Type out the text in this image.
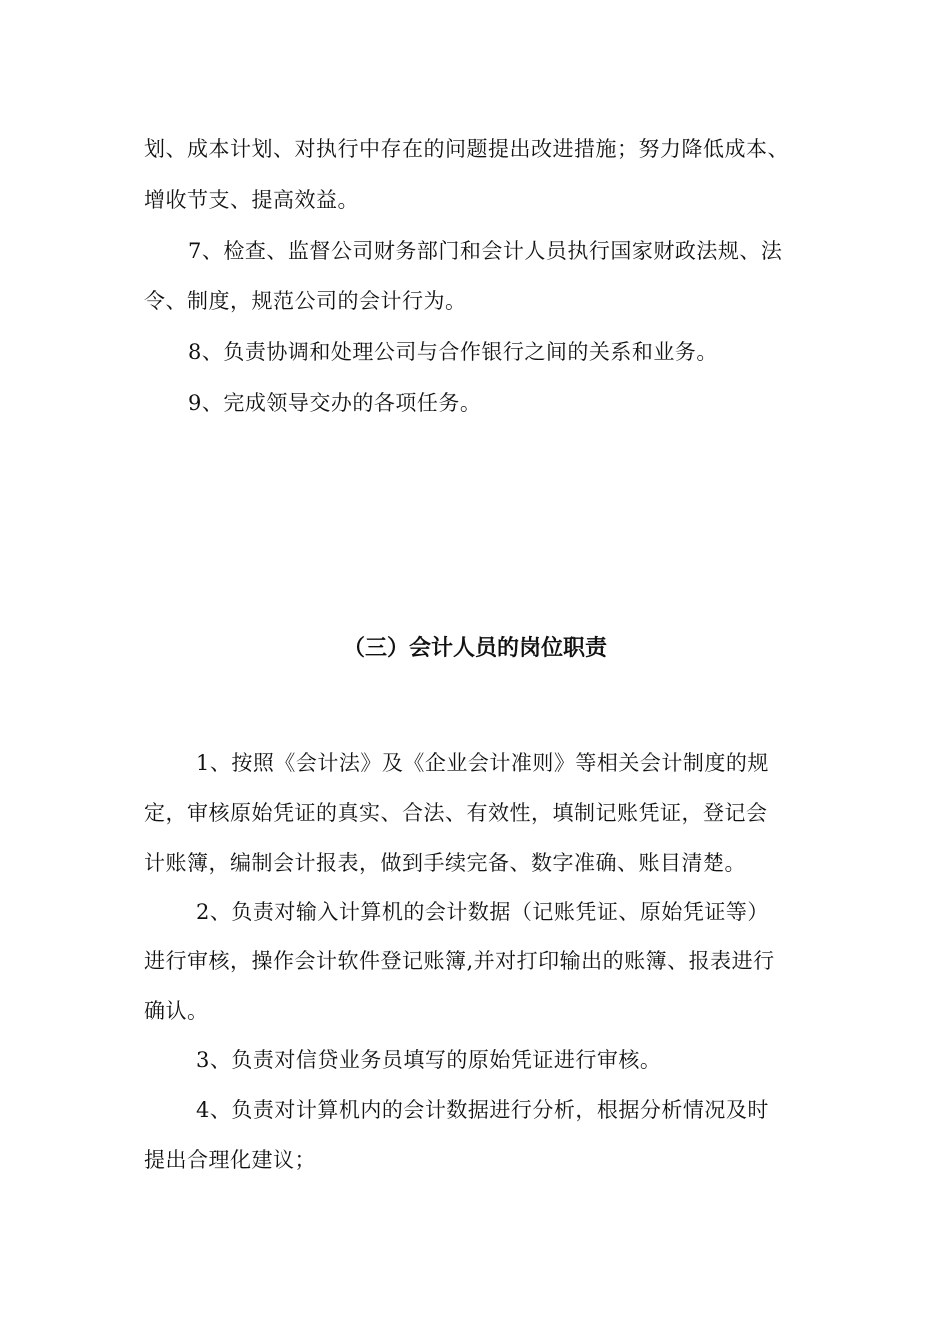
划、成本计划、对执行中存在的问题提出改进措施；努力降低成本、
增收节支、提高效益。
7、检查、监督公司财务部门和会计人员执行国家财政法规、法
令、制度，规范公司的会计行为。
8、负责协调和处理公司与合作银行之间的关系和业务。
9、完成领导交办的各项任务。
（三）会计人员的岗位职责
1、按照《会计法》及《企业会计准则》等相关会计制度的规
定，审核原始凭证的真实、合法、有效性，填制记账凭证，登记会
计账簿，编制会计报表，做到手续完备、数字准确、账目清楚。
2、负责对输入计算机的会计数据（记账凭证、原始凭证等）
进行审核，操作会计软件登记账簿,并对打印输出的账簿、报表进行
确认。
3、负责对信贷业务员填写的原始凭证进行审核。
4、负责对计算机内的会计数据进行分析，根据分析情况及时
提出合理化建议；
